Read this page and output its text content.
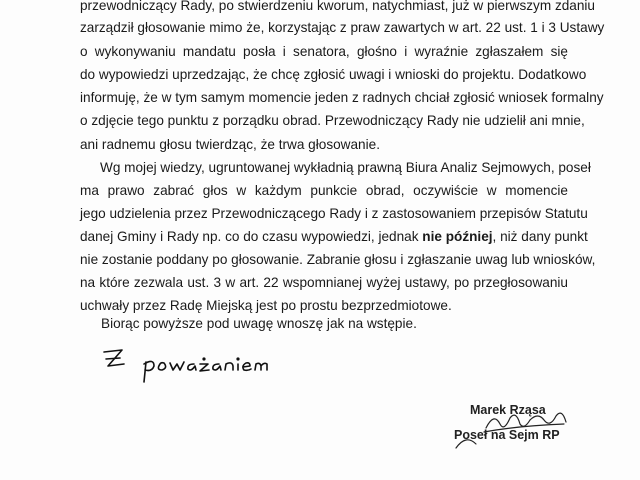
przewodniczący Rady, po stwierdzeniu kworum, natychmiast, już w pierwszym zdaniu
zarządził głosowanie mimo że, korzystając z praw zawartych w art. 22 ust. 1 i 3 Ustawy
o wykonywaniu mandatu posła i senatora, głośno i wyraźnie zgłaszałem się
do wypowiedzi uprzedzając, że chcę zgłosić uwagi i wnioski do projektu. Dodatkowo
informuję, że w tym samym momencie jeden z radnych chciał zgłosić wniosek formalny
o zdjęcie tego punktu z porządku obrad. Przewodniczący Rady nie udzielił ani mnie,
ani radnemu głosu twierdząc, że trwa głosowanie.
Wg mojej wiedzy, ugruntowanej wykładnią prawną Biura Analiz Sejmowych, poseł
ma prawo zabrać głos w każdym punkcie obrad, oczywiście w momencie
jego udzielenia przez Przewodniczącego Rady i z zastosowaniem przepisów Statutu
danej Gminy i Rady np. co do czasu wypowiedzi, jednak nie później, niż dany punkt
nie zostanie poddany po głosowanie. Zabranie głosu i zgłaszanie uwag lub wniosków,
na które zezwala ust. 3 w art. 22 wspomnianej wyżej ustawy, po przegłosowaniu
uchwały przez Radę Miejską jest po prostu bezprzedmiotowe.
Biorąc powyższe pod uwagę wnoszę jak na wstępie.
Marek Rząsa
Poseł na Sejm RP
